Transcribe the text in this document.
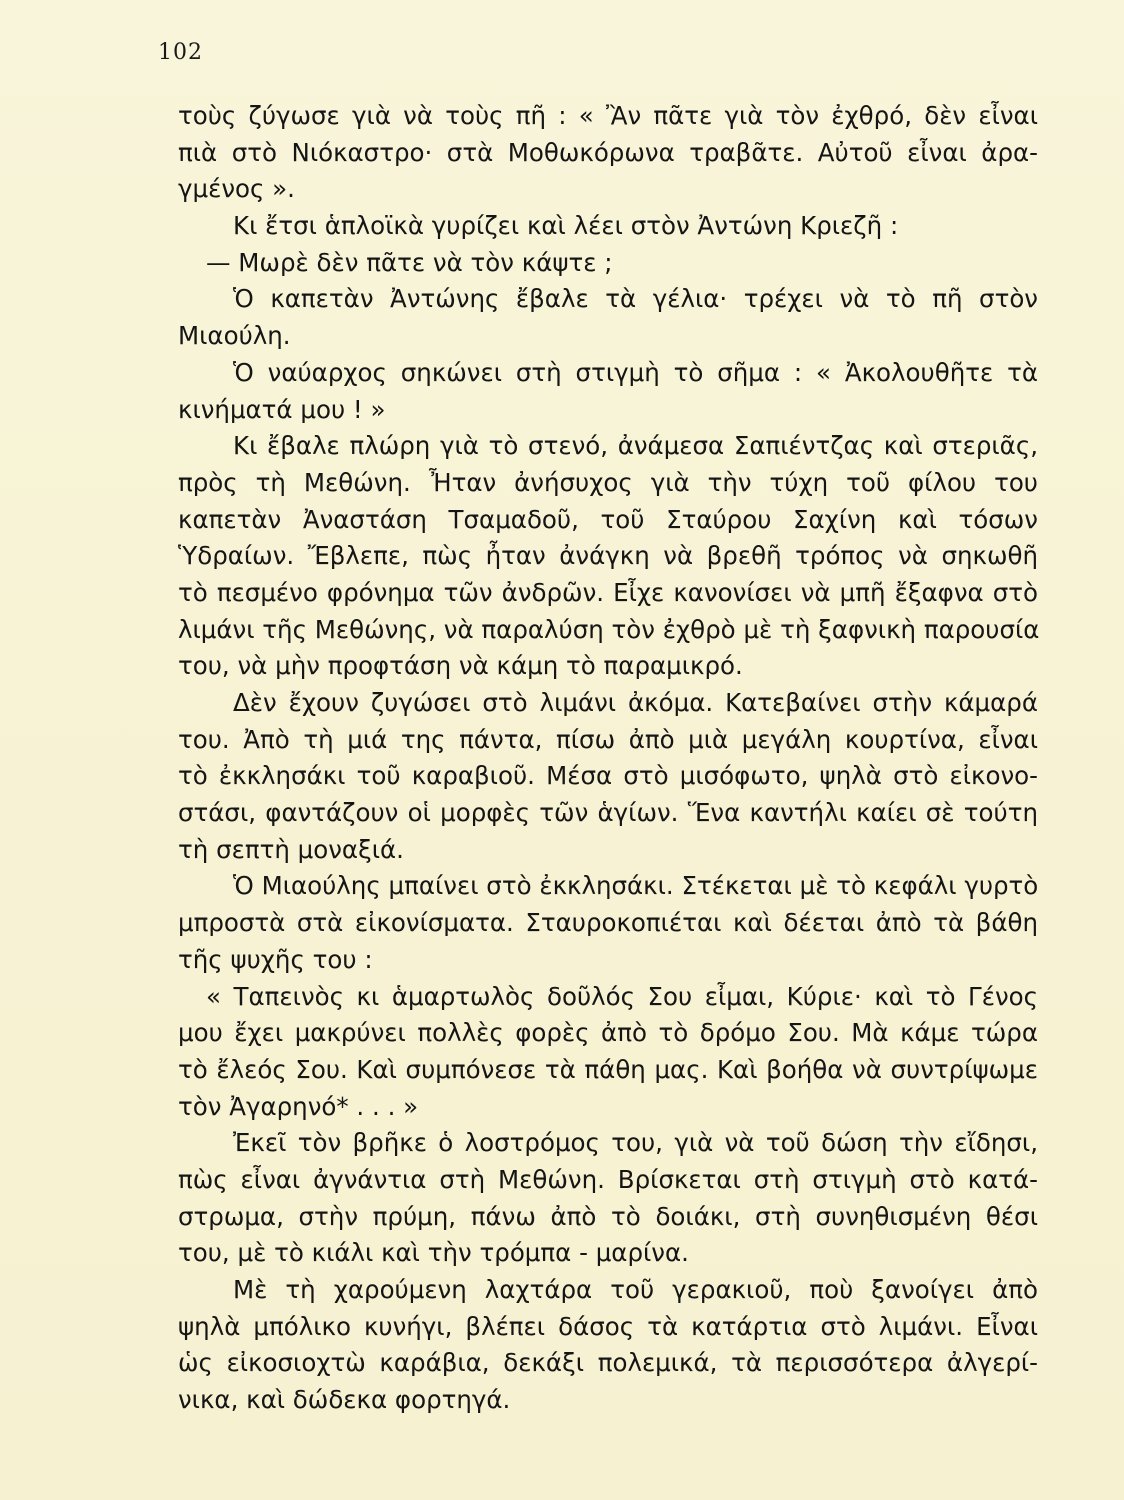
102
τοὺς ζύγωσε γιὰ νὰ τοὺς πῆ : « Ἂν πᾶτε γιὰ τὸν ἐχθρό, δὲν εἶναι
πιὰ στὸ Νιόκαστρο· στὰ Μοθωκόρωνα τραβᾶτε. Αὐτοῦ εἶναι ἀρα-
γμένος ».
Κι ἔτσι ἁπλοϊκὰ γυρίζει καὶ λέει στὸν Ἀντώνη Κριεζῆ :
— Μωρὲ δὲν πᾶτε νὰ τὸν κάψτε ;
Ὁ καπετὰν Ἀντώνης ἔβαλε τὰ γέλια· τρέχει νὰ τὸ πῆ στὸν
Μιαούλη.
Ὁ ναύαρχος σηκώνει στὴ στιγμὴ τὸ σῆμα : « Ἀκολουθῆτε τὰ
κινήματά μου ! »
Κι ἔβαλε πλώρη γιὰ τὸ στενό, ἀνάμεσα Σαπιέντζας καὶ στεριᾶς,
πρὸς τὴ Μεθώνη. Ἦταν ἀνήσυχος γιὰ τὴν τύχη τοῦ φίλου του
καπετὰν Ἀναστάση Τσαμαδοῦ, τοῦ Σταύρου Σαχίνη καὶ τόσων
Ὑδραίων. Ἔβλεπε, πὼς ἦταν ἀνάγκη νὰ βρεθῆ τρόπος νὰ σηκωθῆ
τὸ πεσμένο φρόνημα τῶν ἀνδρῶν. Εἶχε κανονίσει νὰ μπῆ ἔξαφνα στὸ
λιμάνι τῆς Μεθώνης, νὰ παραλύση τὸν ἐχθρὸ μὲ τὴ ξαφνικὴ παρουσία
του, νὰ μὴν προφτάση νὰ κάμη τὸ παραμικρό.
Δὲν ἔχουν ζυγώσει στὸ λιμάνι ἀκόμα. Κατεβαίνει στὴν κάμαρά
του. Ἀπὸ τὴ μιά της πάντα, πίσω ἀπὸ μιὰ μεγάλη κουρτίνα, εἶναι
τὸ ἐκκλησάκι τοῦ καραβιοῦ. Μέσα στὸ μισόφωτο, ψηλὰ στὸ εἰκονο-
στάσι, φαντάζουν οἱ μορφὲς τῶν ἁγίων. Ἕνα καντήλι καίει σὲ τούτη
τὴ σεπτὴ μοναξιά.
Ὁ Μιαούλης μπαίνει στὸ ἐκκλησάκι. Στέκεται μὲ τὸ κεφάλι γυρτὸ
μπροστὰ στὰ εἰκονίσματα. Σταυροκοπιέται καὶ δέεται ἀπὸ τὰ βάθη
τῆς ψυχῆς του :
« Ταπεινὸς κι ἁμαρτωλὸς δοῦλός Σου εἶμαι, Κύριε· καὶ τὸ Γένος
μου ἔχει μακρύνει πολλὲς φορὲς ἀπὸ τὸ δρόμο Σου. Μὰ κάμε τώρα
τὸ ἔλεός Σου. Καὶ συμπόνεσε τὰ πάθη μας. Καὶ βοήθα νὰ συντρίψωμε
τὸν Ἀγαρηνό* . . . »
Ἐκεῖ τὸν βρῆκε ὁ λοστρόμος του, γιὰ νὰ τοῦ δώση τὴν εἴδησι,
πὼς εἶναι ἀγνάντια στὴ Μεθώνη. Βρίσκεται στὴ στιγμὴ στὸ κατά-
στρωμα, στὴν πρύμη, πάνω ἀπὸ τὸ δοιάκι, στὴ συνηθισμένη θέσι
του, μὲ τὸ κιάλι καὶ τὴν τρόμπα - μαρίνα.
Μὲ τὴ χαρούμενη λαχτάρα τοῦ γερακιοῦ, ποὺ ξανοίγει ἀπὸ
ψηλὰ μπόλικο κυνήγι, βλέπει δάσος τὰ κατάρτια στὸ λιμάνι. Εἶναι
ὡς εἰκοσιοχτὼ καράβια, δεκάξι πολεμικά, τὰ περισσότερα ἀλγερί-
νικα, καὶ δώδεκα φορτηγά.
